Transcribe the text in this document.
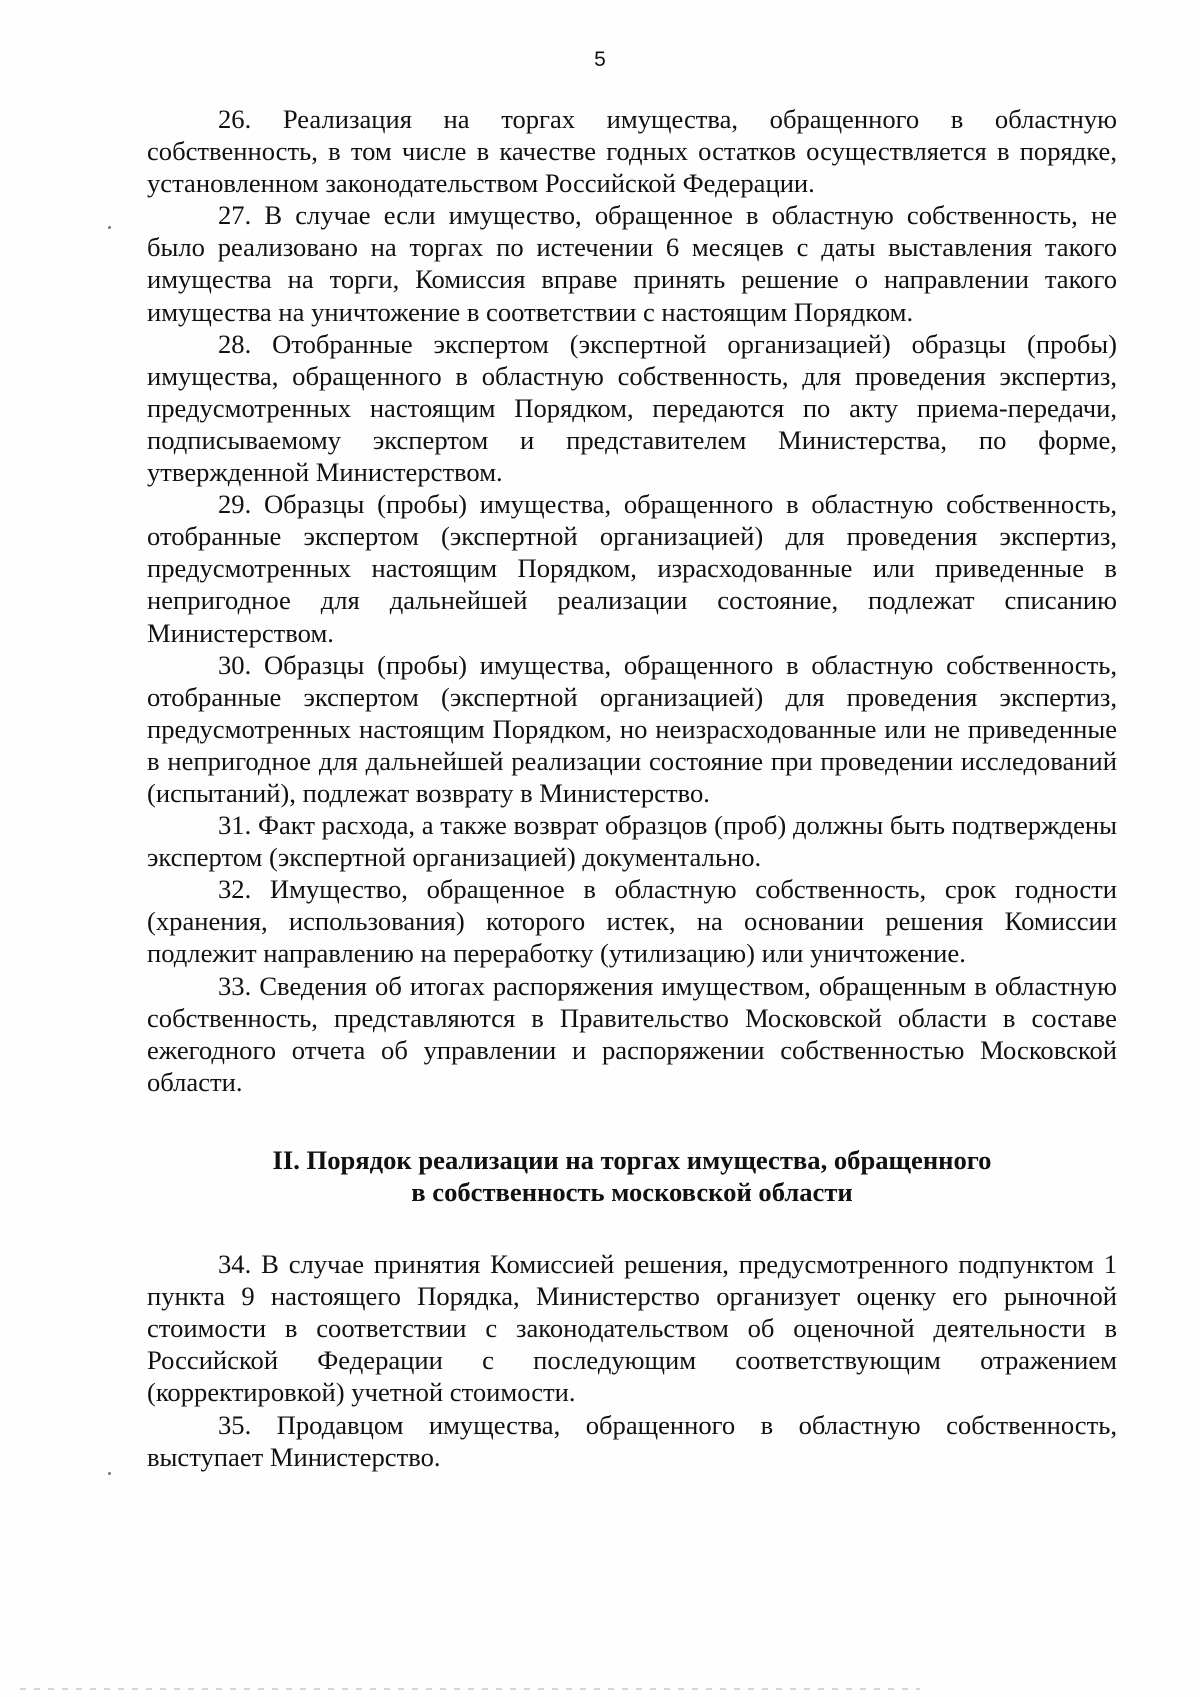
5

26. Реализация на торгах имущества, обращенного в областную собственность, в том числе в качестве годных остатков осуществляется в порядке, установленном законодательством Российской Федерации.

27. В случае если имущество, обращенное в областную собственность, не было реализовано на торгах по истечении 6 месяцев с даты выставления такого имущества на торги, Комиссия вправе принять решение о направлении такого имущества на уничтожение в соответствии с настоящим Порядком.

28. Отобранные экспертом (экспертной организацией) образцы (пробы) имущества, обращенного в областную собственность, для проведения экспертиз, предусмотренных настоящим Порядком, передаются по акту приема-передачи, подписываемому экспертом и представителем Министерства, по форме, утвержденной Министерством.

29. Образцы (пробы) имущества, обращенного в областную собственность, отобранные экспертом (экспертной организацией) для проведения экспертиз, предусмотренных настоящим Порядком, израсходованные или приведенные в непригодное для дальнейшей реализации состояние, подлежат списанию Министерством.

30. Образцы (пробы) имущества, обращенного в областную собственность, отобранные экспертом (экспертной организацией) для проведения экспертиз, предусмотренных настоящим Порядком, но неизрасходованные или не приведенные в непригодное для дальнейшей реализации состояние при проведении исследований (испытаний), подлежат возврату в Министерство.

31. Факт расхода, а также возврат образцов (проб) должны быть подтверждены экспертом (экспертной организацией) документально.

32. Имущество, обращенное в областную собственность, срок годности (хранения, использования) которого истек, на основании решения Комиссии подлежит направлению на переработку (утилизацию) или уничтожение.

33. Сведения об итогах распоряжения имуществом, обращенным в областную собственность, представляются в Правительство Московской области в составе ежегодного отчета об управлении и распоряжении собственностью Московской области.

II. Порядок реализации на торгах имущества, обращенного
в собственность московской области

34. В случае принятия Комиссией решения, предусмотренного подпунктом 1 пункта 9 настоящего Порядка, Министерство организует оценку его рыночной стоимости в соответствии с законодательством об оценочной деятельности в Российской Федерации с последующим соответствующим отражением (корректировкой) учетной стоимости.

35. Продавцом имущества, обращенного в областную собственность, выступает Министерство.
